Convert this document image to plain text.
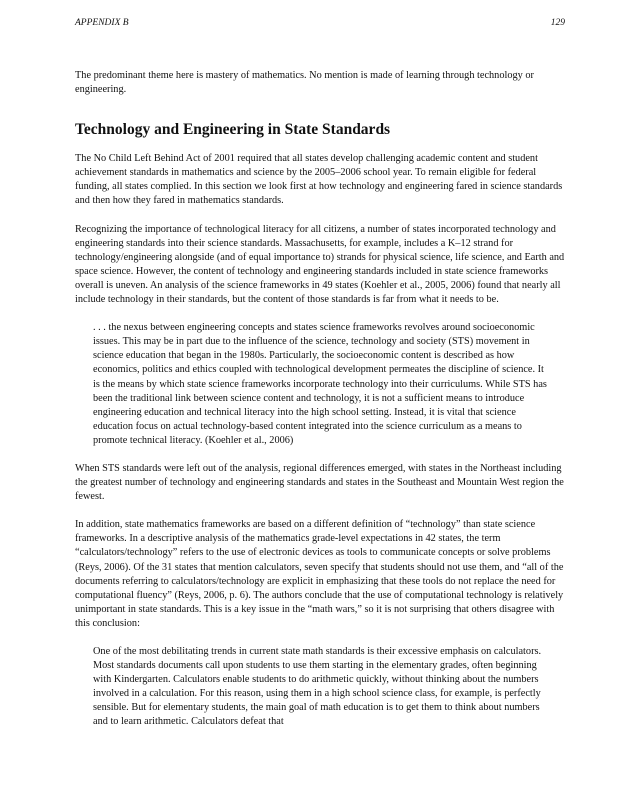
APPENDIX B	129

The predominant theme here is mastery of mathematics. No mention is made of learning through technology or engineering.

Technology and Engineering in State Standards

The No Child Left Behind Act of 2001 required that all states develop challenging academic content and student achievement standards in mathematics and science by the 2005–2006 school year. To remain eligible for federal funding, all states complied. In this section we look first at how technology and engineering fared in science standards and then how they fared in mathematics standards.

Recognizing the importance of technological literacy for all citizens, a number of states incorporated technology and engineering standards into their science standards. Massachusetts, for example, includes a K–12 strand for technology/engineering alongside (and of equal importance to) strands for physical science, life science, and Earth and space science. However, the content of technology and engineering standards included in state science frameworks overall is uneven. An analysis of the science frameworks in 49 states (Koehler et al., 2005, 2006) found that nearly all include technology in their standards, but the content of those standards is far from what it needs to be.

. . . the nexus between engineering concepts and states science frameworks revolves around socioeconomic issues. This may be in part due to the influence of the science, technology and society (STS) movement in science education that began in the 1980s. Particularly, the socioeconomic content is described as how economics, politics and ethics coupled with technological development permeates the discipline of science. It is the means by which state science frameworks incorporate technology into their curriculums. While STS has been the traditional link between science content and technology, it is not a sufficient means to introduce engineering education and technical literacy into the high school setting. Instead, it is vital that science education focus on actual technology-based content integrated into the science curriculum as a means to promote technical literacy. (Koehler et al., 2006)

When STS standards were left out of the analysis, regional differences emerged, with states in the Northeast including the greatest number of technology and engineering standards and states in the Southeast and Mountain West region the fewest.

In addition, state mathematics frameworks are based on a different definition of “technology” than state science frameworks. In a descriptive analysis of the mathematics grade-level expectations in 42 states, the term “calculators/technology” refers to the use of electronic devices as tools to communicate concepts or solve problems (Reys, 2006). Of the 31 states that mention calculators, seven specify that students should not use them, and “all of the documents referring to calculators/technology are explicit in emphasizing that these tools do not replace the need for computational fluency” (Reys, 2006, p. 6). The authors conclude that the use of computational technology is relatively unimportant in state standards. This is a key issue in the “math wars,” so it is not surprising that others disagree with this conclusion:

One of the most debilitating trends in current state math standards is their excessive emphasis on calculators. Most standards documents call upon students to use them starting in the elementary grades, often beginning with Kindergarten. Calculators enable students to do arithmetic quickly, without thinking about the numbers involved in a calculation. For this reason, using them in a high school science class, for example, is perfectly sensible. But for elementary students, the main goal of math education is to get them to think about numbers and to learn arithmetic. Calculators defeat that
